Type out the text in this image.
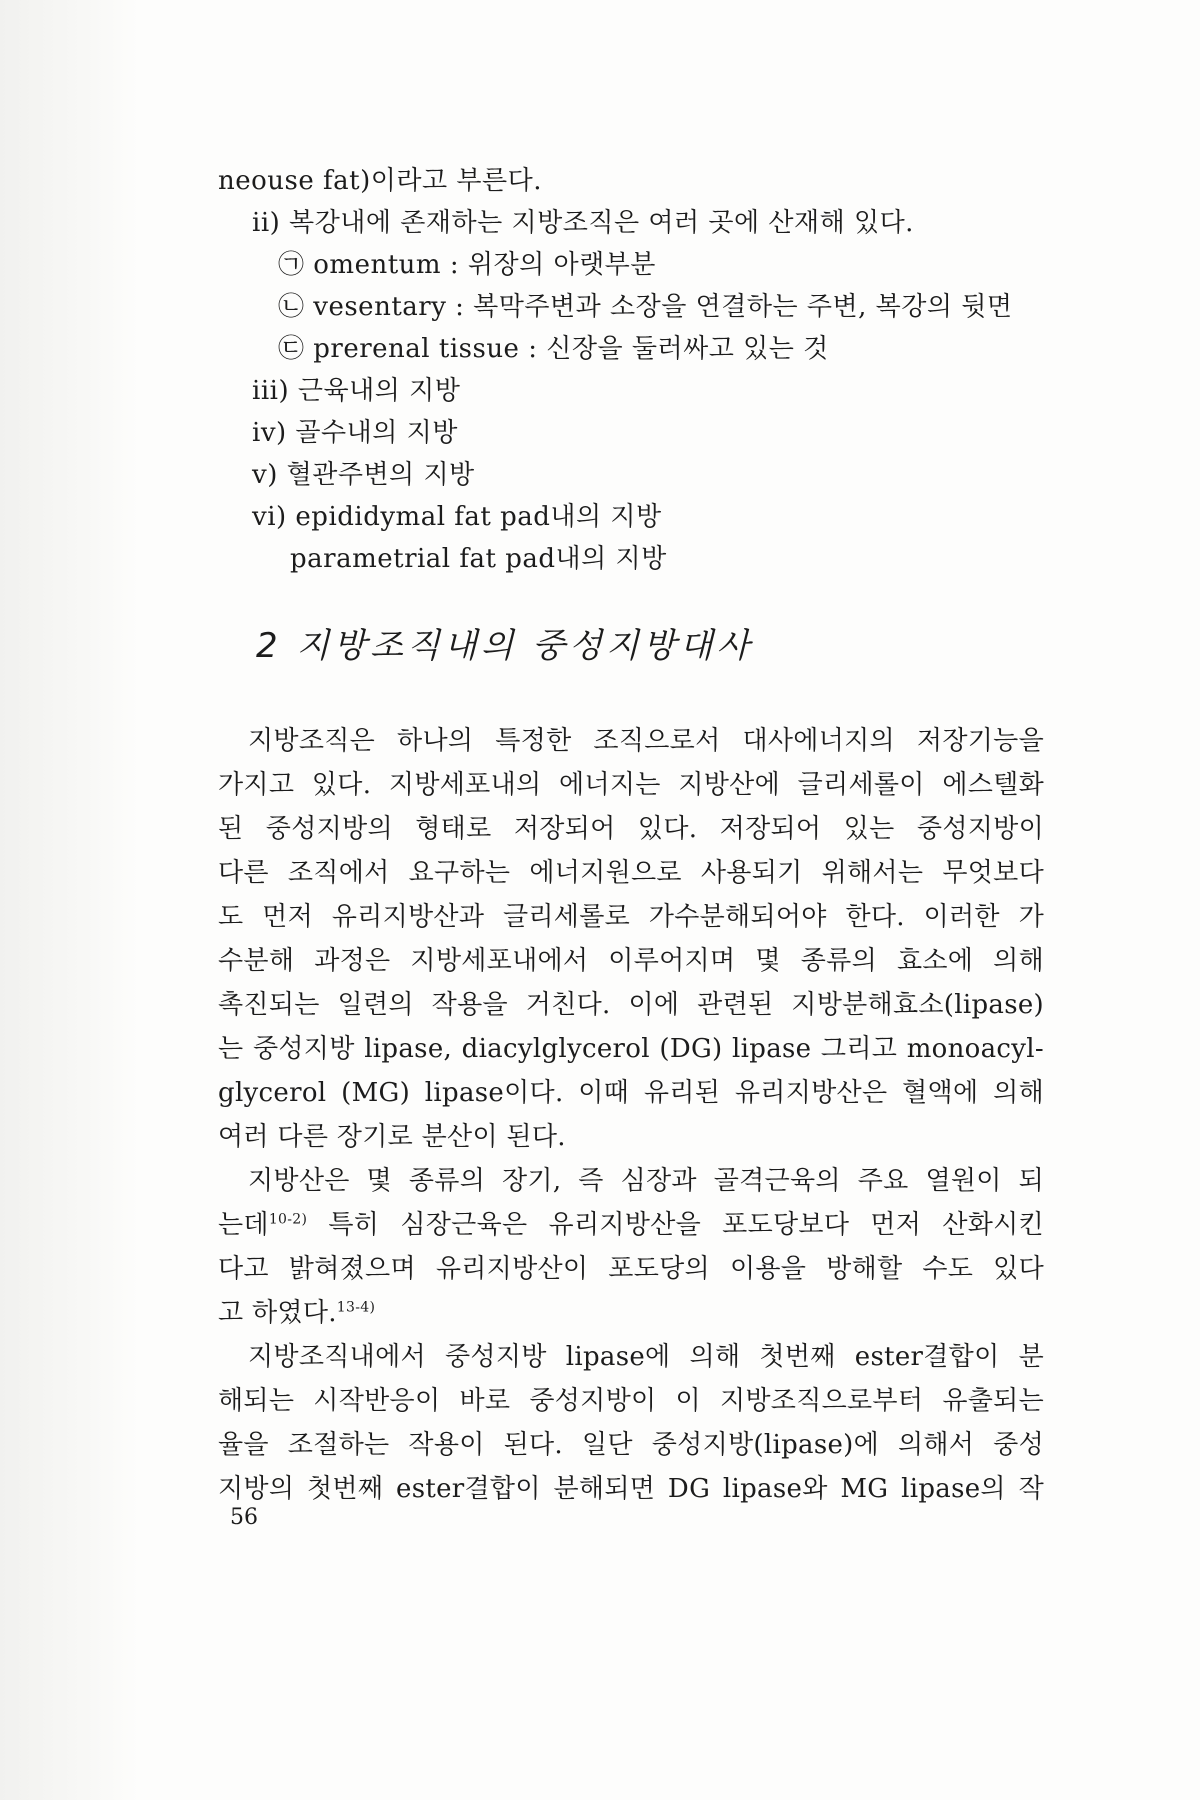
neouse fat)이라고 부른다.
ii) 복강내에 존재하는 지방조직은 여러 곳에 산재해 있다.
㉠ omentum : 위장의 아랫부분
㉡ vesentary : 복막주변과 소장을 연결하는 주변, 복강의 뒷면
㉢ prerenal tissue : 신장을 둘러싸고 있는 것
iii) 근육내의 지방
iv) 골수내의 지방
v) 혈관주변의 지방
vi) epididymal fat pad내의 지방
parametrial fat pad내의 지방
2 지방조직내의 중성지방대사
지방조직은 하나의 특정한 조직으로서 대사에너지의 저장기능을
가지고 있다. 지방세포내의 에너지는 지방산에 글리세롤이 에스텔화
된 중성지방의 형태로 저장되어 있다. 저장되어 있는 중성지방이
다른 조직에서 요구하는 에너지원으로 사용되기 위해서는 무엇보다
도 먼저 유리지방산과 글리세롤로 가수분해되어야 한다. 이러한 가
수분해 과정은 지방세포내에서 이루어지며 몇 종류의 효소에 의해
촉진되는 일련의 작용을 거친다. 이에 관련된 지방분해효소(lipase)
는 중성지방 lipase, diacylglycerol (DG) lipase 그리고 monoacyl-
glycerol (MG) lipase이다. 이때 유리된 유리지방산은 혈액에 의해
여러 다른 장기로 분산이 된다.
지방산은 몇 종류의 장기, 즉 심장과 골격근육의 주요 열원이 되
는데$^{10-2)}$ 특히 심장근육은 유리지방산을 포도당보다 먼저 산화시킨
다고 밝혀졌으며 유리지방산이 포도당의 이용을 방해할 수도 있다
고 하였다.$^{13-4)}$
지방조직내에서 중성지방 lipase에 의해 첫번째 ester결합이 분
해되는 시작반응이 바로 중성지방이 이 지방조직으로부터 유출되는
율을 조절하는 작용이 된다. 일단 중성지방(lipase)에 의해서 중성
지방의 첫번째 ester결합이 분해되면 DG lipase와 MG lipase의 작
56
